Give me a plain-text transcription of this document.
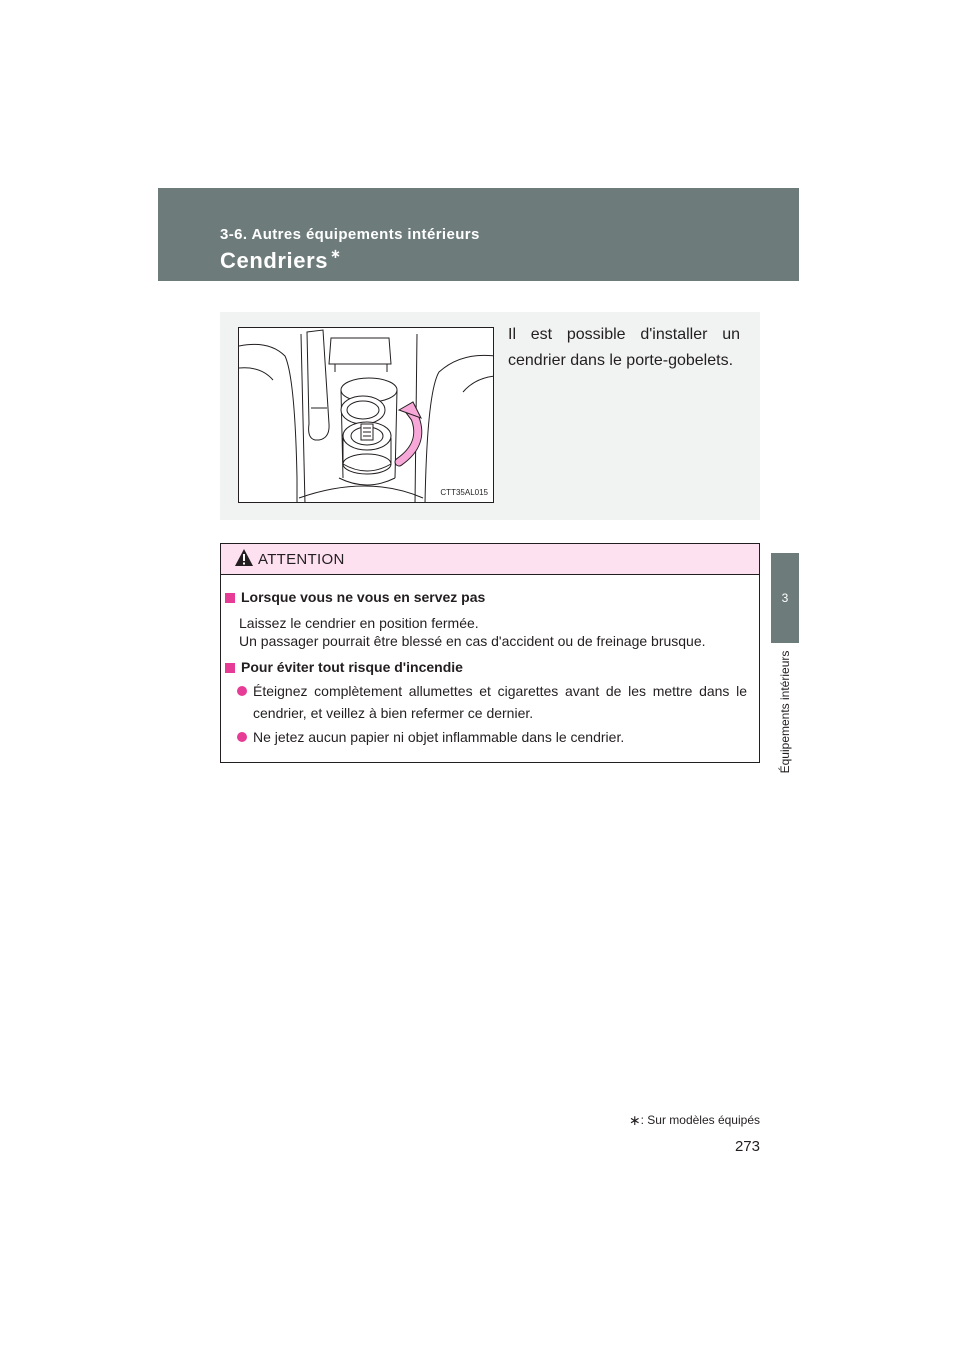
3-6. Autres équipements intérieurs
Cendriers ∗
3
Équipements intérieurs
CTT35AL015
Il est possible d'installer un cendrier dans le porte-gobelets.
ATTENTION
Lorsque vous ne vous en servez pas
Laissez le cendrier en position fermée.
Un passager pourrait être blessé en cas d'accident ou de freinage brusque.
Pour éviter tout risque d'incendie
Éteignez complètement allumettes et cigarettes avant de les mettre dans le cendrier, et veillez à bien refermer ce dernier.
Ne jetez aucun papier ni objet inflammable dans le cendrier.
∗: Sur modèles équipés
273
